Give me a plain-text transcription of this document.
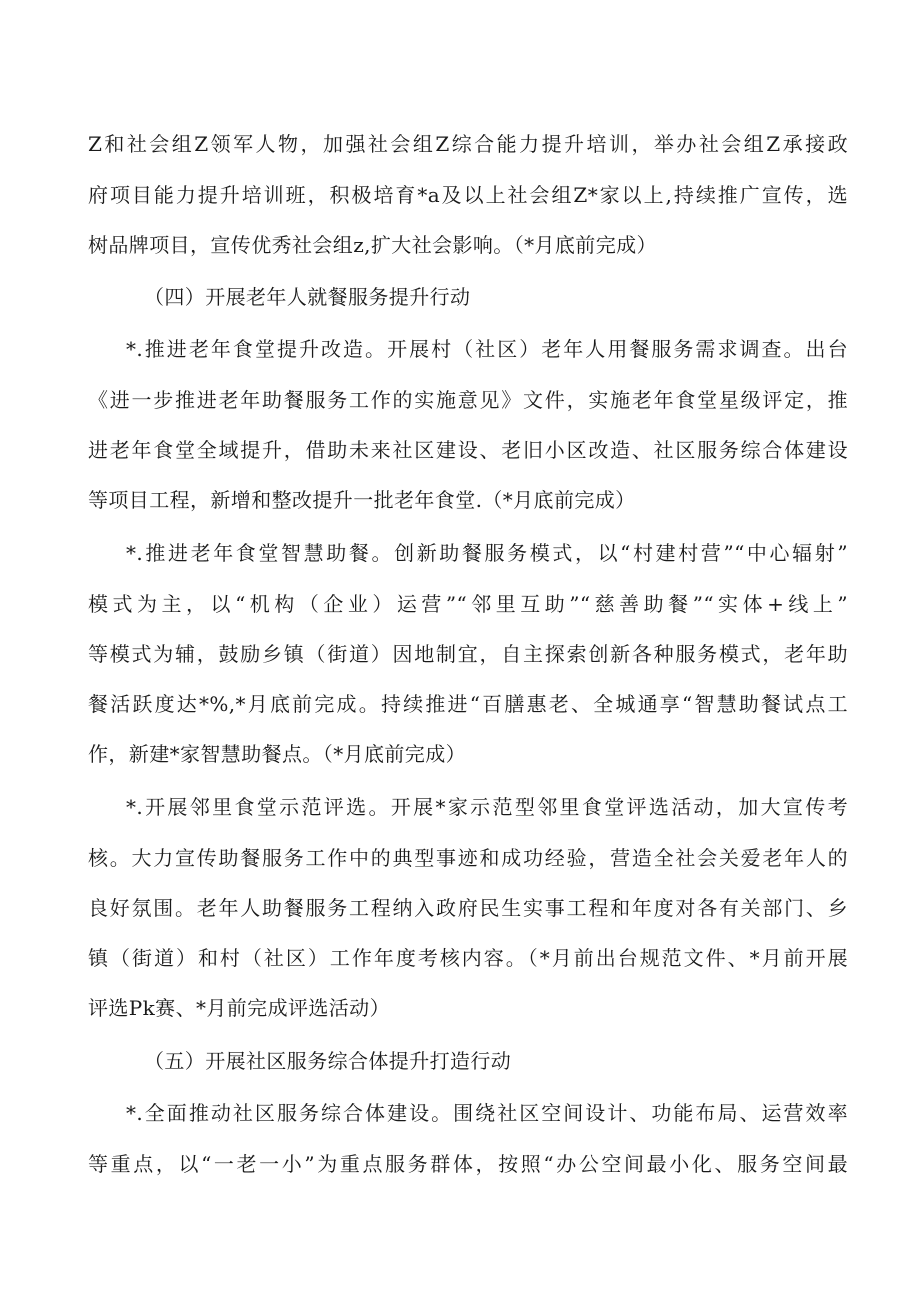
Z和社会组Z领军人物，加强社会组Z综合能力提升培训，举办社会组Z承接政
府项目能力提升培训班，积极培育*a及以上社会组Z*家以上,持续推广宣传，选
树品牌项目，宣传优秀社会组z,扩大社会影响。（*月底前完成）
（四）开展老年人就餐服务提升行动
*.推进老年食堂提升改造。开展村（社区）老年人用餐服务需求调查。出台
《进一步推进老年助餐服务工作的实施意见》文件，实施老年食堂星级评定，推
进老年食堂全域提升，借助未来社区建设、老旧小区改造、社区服务综合体建设
等项目工程，新增和整改提升一批老年食堂.（*月底前完成）
*.推进老年食堂智慧助餐。创新助餐服务模式，以“村建村营”“中心辐射”
模式为主，以“机构（企业）运营”“邻里互助”“慈善助餐”“实体+线上”
等模式为辅，鼓励乡镇（街道）因地制宜，自主探索创新各种服务模式，老年助
餐活跃度达*%,*月底前完成。持续推进“百膳惠老、全城通享“智慧助餐试点工
作，新建*家智慧助餐点。（*月底前完成）
*.开展邻里食堂示范评选。开展*家示范型邻里食堂评选活动，加大宣传考
核。大力宣传助餐服务工作中的典型事迹和成功经验，营造全社会关爱老年人的
良好氛围。老年人助餐服务工程纳入政府民生实事工程和年度对各有关部门、乡
镇（街道）和村（社区）工作年度考核内容。（*月前出台规范文件、*月前开展
评选Pk赛、*月前完成评选活动）
（五）开展社区服务综合体提升打造行动
*.全面推动社区服务综合体建设。围绕社区空间设计、功能布局、运营效率
等重点，以“一老一小”为重点服务群体，按照“办公空间最小化、服务空间最
